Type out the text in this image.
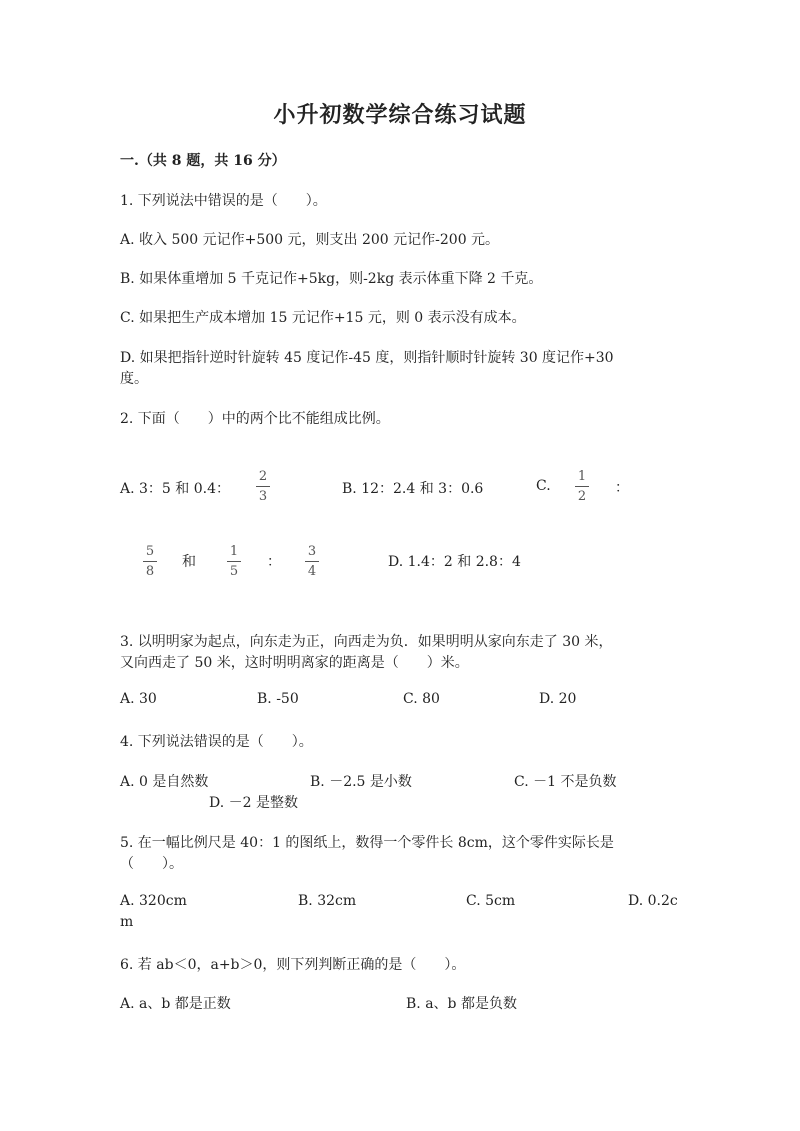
小升初数学综合练习试题
一.（共 8 题，共 16 分）
1. 下列说法中错误的是（　　）。
A. 收入 500 元记作+500 元，则支出 200 元记作-200 元。
B. 如果体重增加 5 千克记作+5kg，则-2kg 表示体重下降 2 千克。
C. 如果把生产成本增加 15 元记作+15 元，则 0 表示没有成本。
D. 如果把指针逆时针旋转 45 度记作-45 度，则指针顺时针旋转 30 度记作+30
度。
2. 下面（　　）中的两个比不能组成比例。
A. 3：5 和 0.4：
2
3	B. 12：2.4 和 3：0.6	C.
1
2
：
5
8
和
1
5
：
3
4
D. 1.4：2 和 2.8：4
3. 以明明家为起点，向东走为正，向西走为负．如果明明从家向东走了 30 米，
又向西走了 50 米，这时明明离家的距离是（　　）米。
A. 30	B. -50	C. 80	D. 20
4. 下列说法错误的是（　　）。
A. 0 是自然数	B. －2.5 是小数	C. －1 不是负数
D. －2 是整数
5. 在一幅比例尺是 40：1 的图纸上，数得一个零件长 8cm，这个零件实际长是
（　　）。
A. 320cm	B. 32cm	C. 5cm	D. 0.2c
m
6. 若 ab＜0，a+b＞0，则下列判断正确的是（　　）。
A. a、b 都是正数	B. a、b 都是负数
